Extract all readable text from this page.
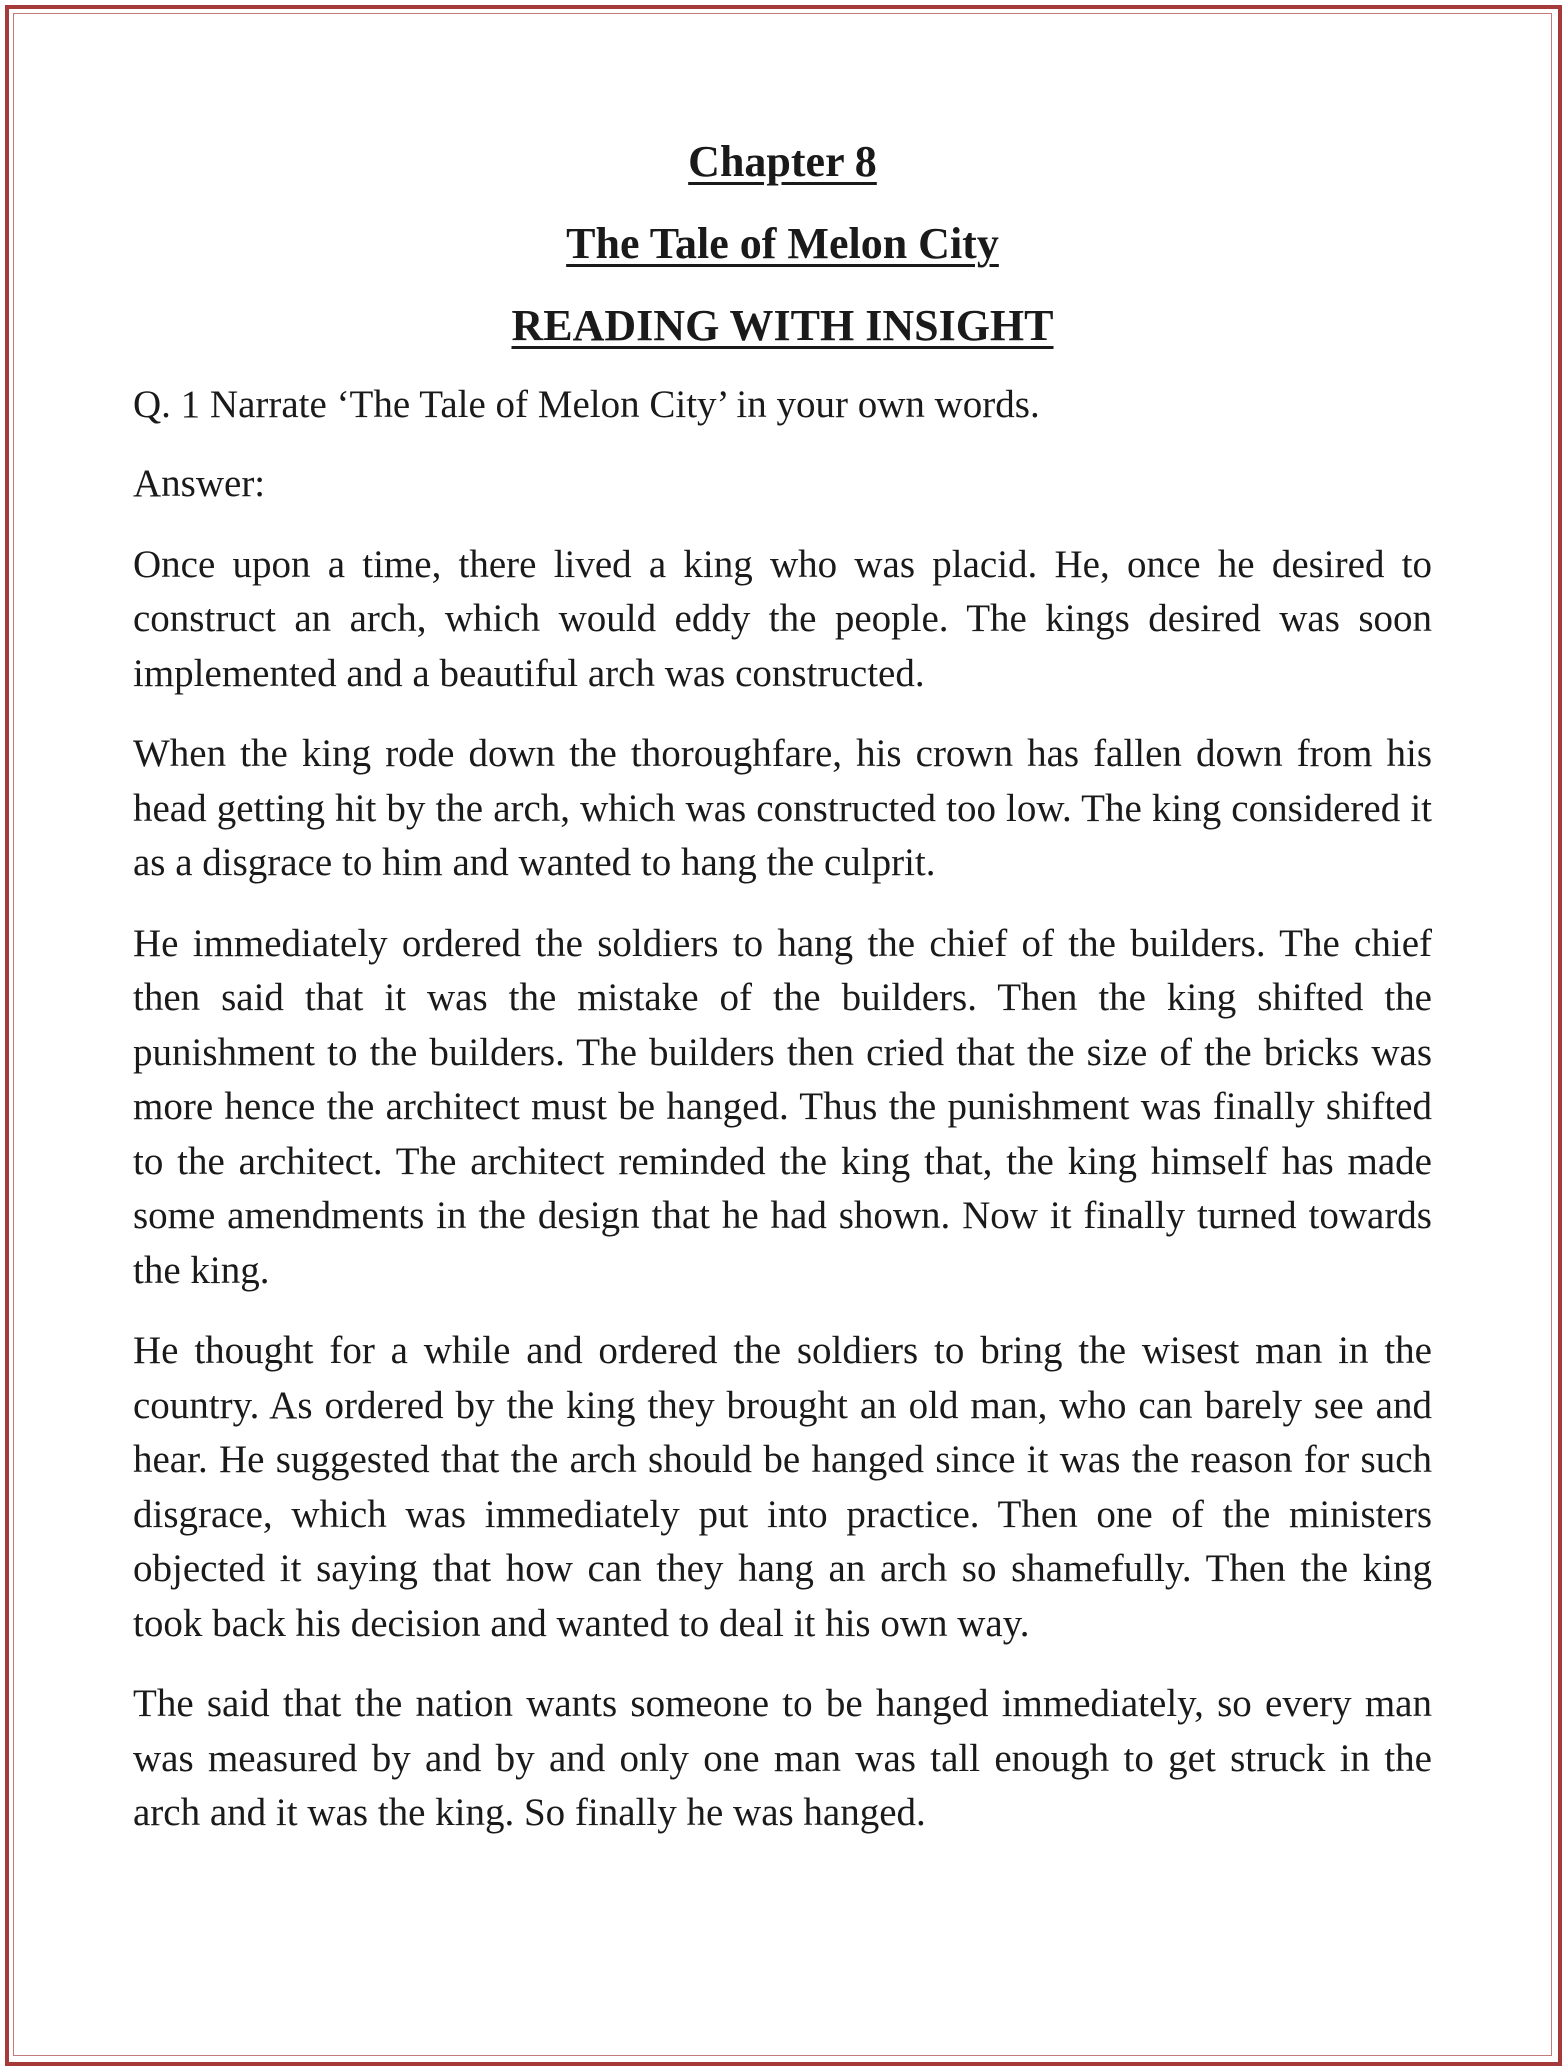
Chapter 8
The Tale of Melon City
READING WITH INSIGHT

Q. 1 Narrate ‘The Tale of Melon City’ in your own words.

Answer:

Once upon a time, there lived a king who was placid. He, once he desired to construct an arch, which would eddy the people. The kings desired was soon implemented and a beautiful arch was constructed.

When the king rode down the thoroughfare, his crown has fallen down from his head getting hit by the arch, which was constructed too low. The king considered it as a disgrace to him and wanted to hang the culprit.

He immediately ordered the soldiers to hang the chief of the builders. The chief then said that it was the mistake of the builders. Then the king shifted the punishment to the builders. The builders then cried that the size of the bricks was more hence the architect must be hanged. Thus the punishment was finally shifted to the architect. The architect reminded the king that, the king himself has made some amendments in the design that he had shown. Now it finally turned towards the king.

He thought for a while and ordered the soldiers to bring the wisest man in the country. As ordered by the king they brought an old man, who can barely see and hear. He suggested that the arch should be hanged since it was the reason for such disgrace, which was immediately put into practice. Then one of the ministers objected it saying that how can they hang an arch so shamefully. Then the king took back his decision and wanted to deal it his own way.

The said that the nation wants someone to be hanged immediately, so every man was measured by and by and only one man was tall enough to get struck in the arch and it was the king. So finally he was hanged.
